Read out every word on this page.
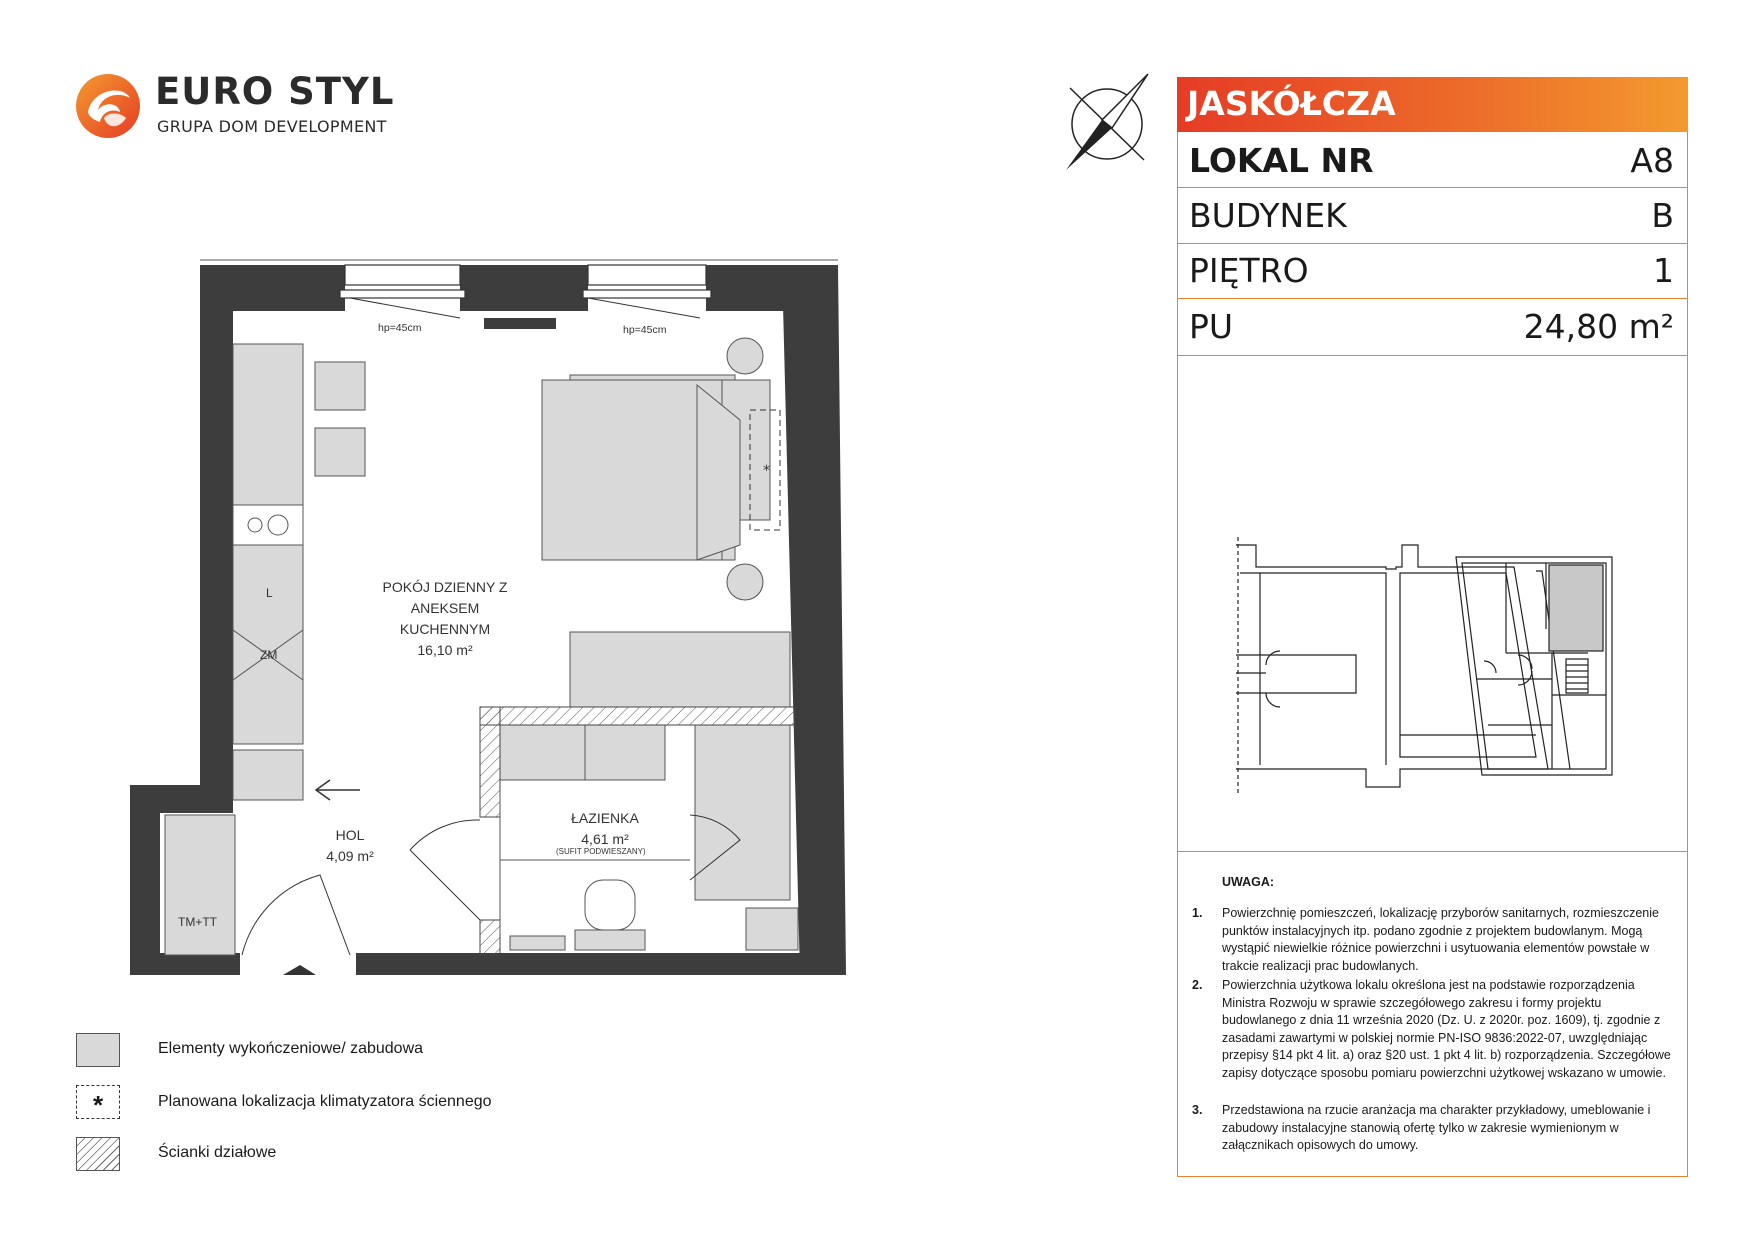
EURO STYL
GRUPA DOM DEVELOPMENT
JASKÓŁCZA
LOKAL NR	A8
BUDYNEK	B
PIĘTRO	1
PU	24,80 m²
UWAGA:
1. Powierzchnię pomieszczeń, lokalizację przyborów sanitarnych, rozmieszczenie punktów instalacyjnych itp. podano zgodnie z projektem budowlanym. Mogą wystąpić niewielkie różnice powierzchni i usytuowania elementów powstałe w trakcie realizacji prac budowlanych.
2. Powierzchnia użytkowa lokalu określona jest na podstawie rozporządzenia Ministra Rozwoju w sprawie szczegółowego zakresu i formy projektu budowlanego z dnia 11 września 2020 (Dz. U. z 2020r. poz. 1609), tj. zgodnie z zasadami zawartymi w polskiej normie PN-ISO 9836:2022-07, uwzględniając przepisy §14 pkt 4 lit. a) oraz §20 ust. 1 pkt 4 lit. b) rozporządzenia. Szczegółowe zapisy dotyczące sposobu pomiaru powierzchni użytkowej wskazano w umowie.
3. Przedstawiona na rzucie aranżacja ma charakter przykładowy, umeblowanie i zabudowy instalacyjne stanowią ofertę tylko w zakresie wymienionym w załącznikach opisowych do umowy.
*
hp=45cm	hp=45cm
POKÓJ DZIENNY Z
ANEKSEM
KUCHENNYM
16,10 m²
ŁAZIENKA
4,61 m²
(SUFIT PODWIESZANY)
HOL
4,09 m²
L
ZM
TM+TT
Elementy wykończeniowe/ zabudowa
*	Planowana lokalizacja klimatyzatora ściennego
Ścianki działowe
